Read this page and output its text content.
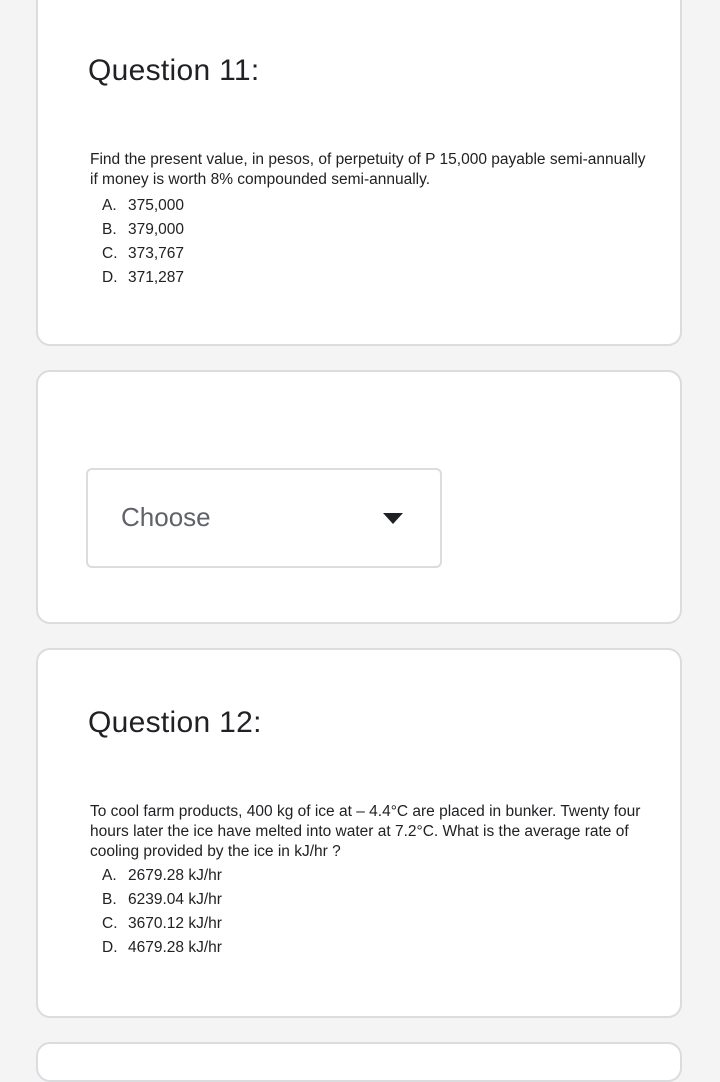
Question 11:
Find the present value, in pesos, of perpetuity of P 15,000 payable semi-annually if money is worth 8% compounded semi-annually.
A. 375,000
B. 379,000
C. 373,767
D. 371,287
Choose
Question 12:
To cool farm products, 400 kg of ice at – 4.4°C are placed in bunker. Twenty four hours later the ice have melted into water at 7.2°C. What is the average rate of cooling provided by the ice in kJ/hr ?
A. 2679.28 kJ/hr
B. 6239.04 kJ/hr
C. 3670.12 kJ/hr
D. 4679.28 kJ/hr
